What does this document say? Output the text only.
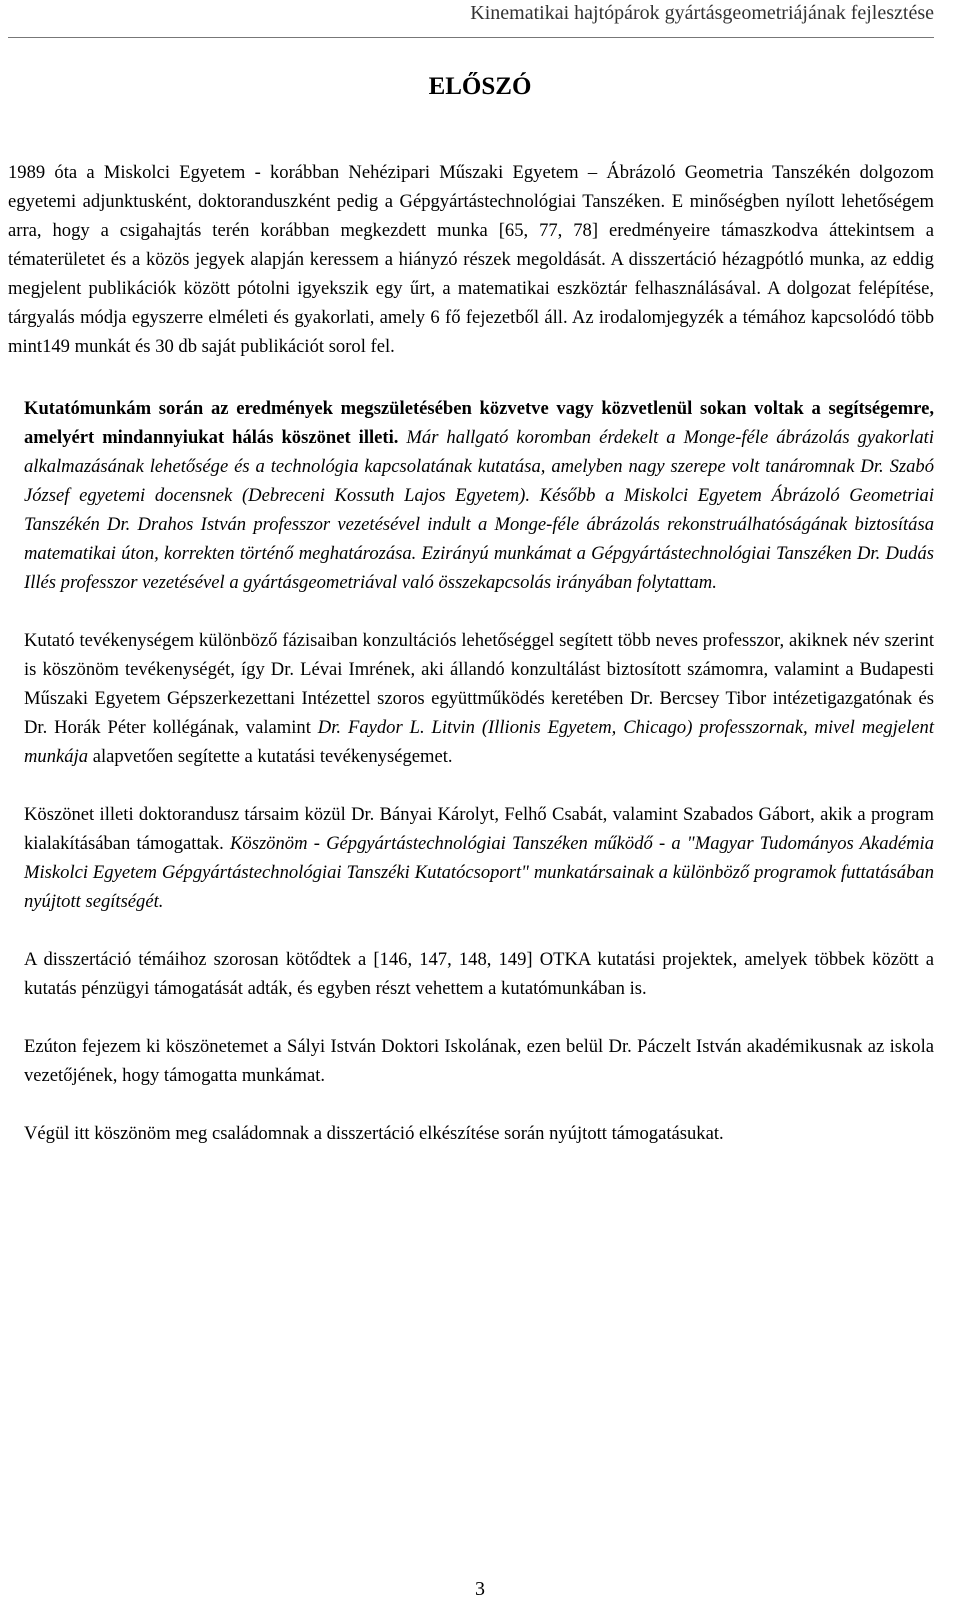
Kinematikai hajtópárok gyártásgeometriájának fejlesztése
ELŐSZÓ

1989 óta a Miskolci Egyetem - korábban Nehézipari Műszaki Egyetem – Ábrázoló Geometria Tanszékén dolgozom egyetemi adjunktusként, doktoranduszként pedig a Gépgyártástechnológiai Tanszéken. E minőségben nyílott lehetőségem arra, hogy a csigahajtás terén korábban megkezdett munka [65, 77, 78] eredményeire támaszkodva áttekintsem a tématerületet és a közös jegyek alapján keressem a hiányzó részek megoldását. A disszertáció hézagpótló munka, az eddig megjelent publikációk között pótolni igyekszik egy űrt, a matematikai eszköztár felhasználásával. A dolgozat felépítése, tárgyalás módja egyszerre elméleti és gyakorlati, amely 6 fő fejezetből áll. Az irodalomjegyzék a témához kapcsolódó több mint149 munkát és 30 db saját publikációt sorol fel.

Kutatómunkám során az eredmények megszületésében közvetve vagy közvetlenül sokan voltak a segítségemre, amelyért mindannyiukat hálás köszönet illeti. Már hallgató koromban érdekelt a Monge-féle ábrázolás gyakorlati alkalmazásának lehetősége és a technológia kapcsolatának kutatása, amelyben nagy szerepe volt tanáromnak Dr. Szabó József egyetemi docensnek (Debreceni Kossuth Lajos Egyetem). Később a Miskolci Egyetem Ábrázoló Geometriai Tanszékén Dr. Drahos István professzor vezetésével indult a Monge-féle ábrázolás rekonstruálhatóságának biztosítása matematikai úton, korrekten történő meghatározása. Ezirányú munkámat a Gépgyártástechnológiai Tanszéken Dr. Dudás Illés professzor vezetésével a gyártásgeometriával való összekapcsolás irányában folytattam.

Kutató tevékenységem különböző fázisaiban konzultációs lehetőséggel segített több neves professzor, akiknek név szerint is köszönöm tevékenységét, így Dr. Lévai Imrének, aki állandó konzultálást biztosított számomra, valamint a Budapesti Műszaki Egyetem Gépszerkezettani Intézettel szoros együttműködés keretében Dr. Bercsey Tibor intézetigazgatónak és Dr. Horák Péter kollégának, valamint Dr. Faydor L. Litvin (Illionis Egyetem, Chicago) professzornak, mivel megjelent munkája alapvetően segítette a kutatási tevékenységemet.

Köszönet illeti doktorandusz társaim közül Dr. Bányai Károlyt, Felhő Csabát, valamint Szabados Gábort, akik a program kialakításában támogattak. Köszönöm - Gépgyártástechnológiai Tanszéken működő - a "Magyar Tudományos Akadémia Miskolci Egyetem Gépgyártástechnológiai Tanszéki Kutatócsoport" munkatársainak a különböző programok futtatásában nyújtott segítségét.

A disszertáció témáihoz szorosan kötődtek a [146, 147, 148, 149] OTKA kutatási projektek, amelyek többek között a kutatás pénzügyi támogatását adták, és egyben részt vehettem a kutatómunkában is.

Ezúton fejezem ki köszönetemet a Sályi István Doktori Iskolának, ezen belül Dr. Páczelt István akadémikusnak az iskola vezetőjének, hogy támogatta munkámat.

Végül itt köszönöm meg családomnak a disszertáció elkészítése során nyújtott támogatásukat.

3
